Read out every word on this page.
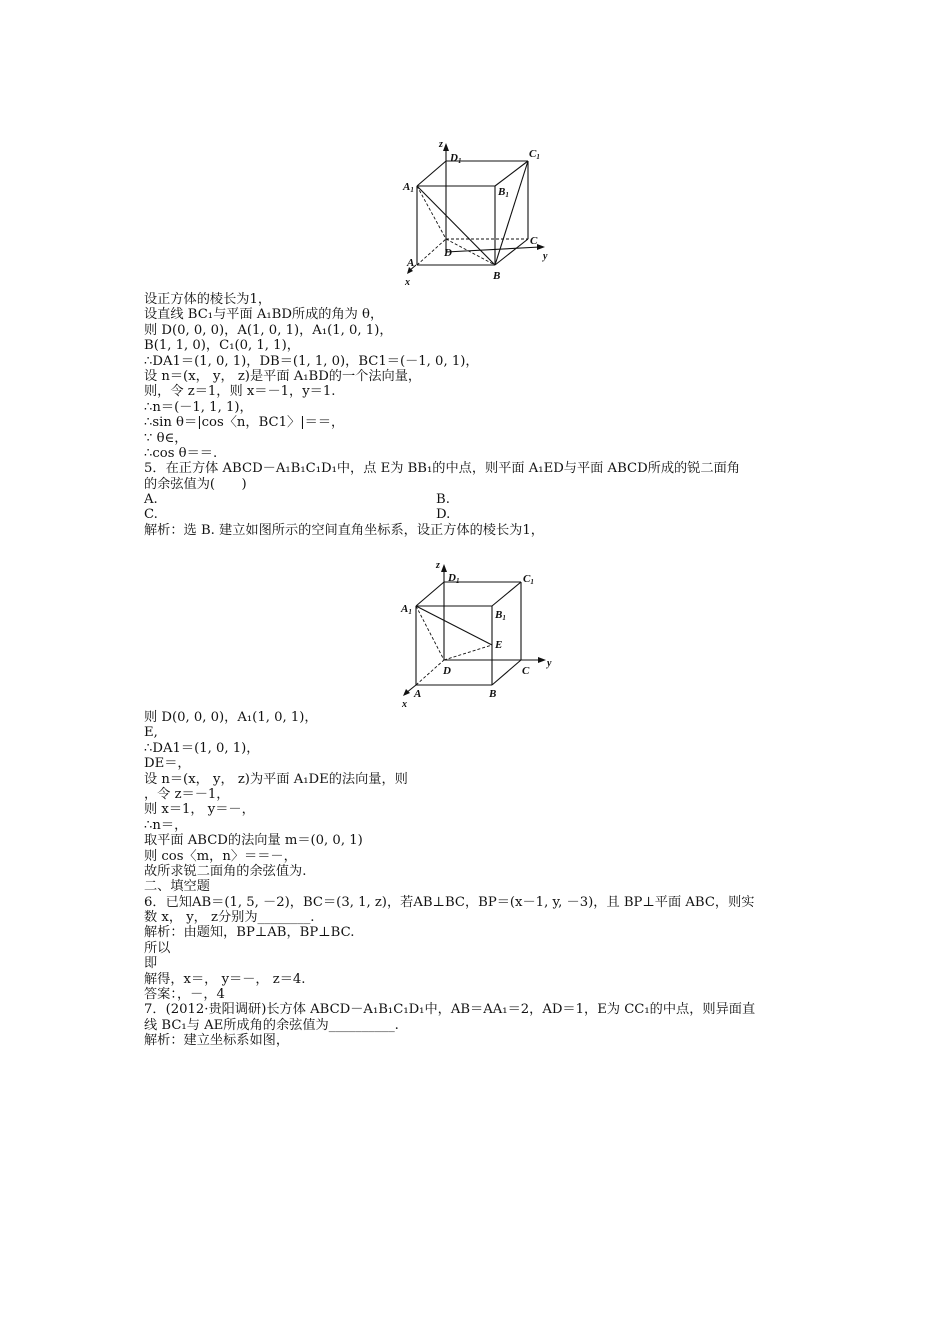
z
D1
C1
A1	B1
D
C
y
A
B
x
设正方体的棱长为1，
设直线 BC₁与平面 A₁BD所成的角为 θ，
则 D(0, 0, 0)，A(1, 0, 1)，A₁(1, 0, 1)，
B(1, 1, 0)，C₁(0, 1, 1)，
∴DA1＝(1, 0, 1)，DB＝(1, 1, 0)，BC1＝(－1, 0, 1)，
设 n＝(x， y， z)是平面 A₁BD的一个法向量，
则，令 z＝1，则 x＝－1，y＝1.
∴n＝(－1, 1, 1)，
∴sin θ＝|cos〈n，BC1〉|＝＝，
∵ θ∈，
∴cos θ＝＝.
5．在正方体 ABCD－A₁B₁C₁D₁中，点 E为 BB₁的中点，则平面 A₁ED与平面 ABCD所成的锐二面角
的余弦值为(　　)
A.	B.
C.	D.
解析：选 B. 建立如图所示的空间直角坐标系，设正方体的棱长为1，
z
D1	C1
A1	B1
E
D	C
y
A	B
x
则 D(0, 0, 0)，A₁(1, 0, 1)，
E,
∴DA1＝(1, 0, 1)，
DE＝，
设 n＝(x， y， z)为平面 A₁DE的法向量，则
，令 z＝－1，
则 x＝1， y＝－，
∴n＝，
取平面 ABCD的法向量 m＝(0, 0, 1)
则 cos〈m，n〉＝＝－，
故所求锐二面角的余弦值为.
二、填空题
6．已知AB＝(1, 5, －2)，BC＝(3, 1, z)，若AB⊥BC，BP＝(x－1, y, －3)，且 BP⊥平面 ABC，则实
数 x， y， z分别为________.
解析：由题知，BP⊥AB，BP⊥BC.
所以
即
解得，x＝， y＝－， z＝4.
答案：，－，4
7．(2012·贵阳调研)长方体 ABCD－A₁B₁C₁D₁中，AB＝AA₁＝2，AD＝1，E为 CC₁的中点，则异面直
线 BC₁与 AE所成角的余弦值为__________.
解析：建立坐标系如图，
